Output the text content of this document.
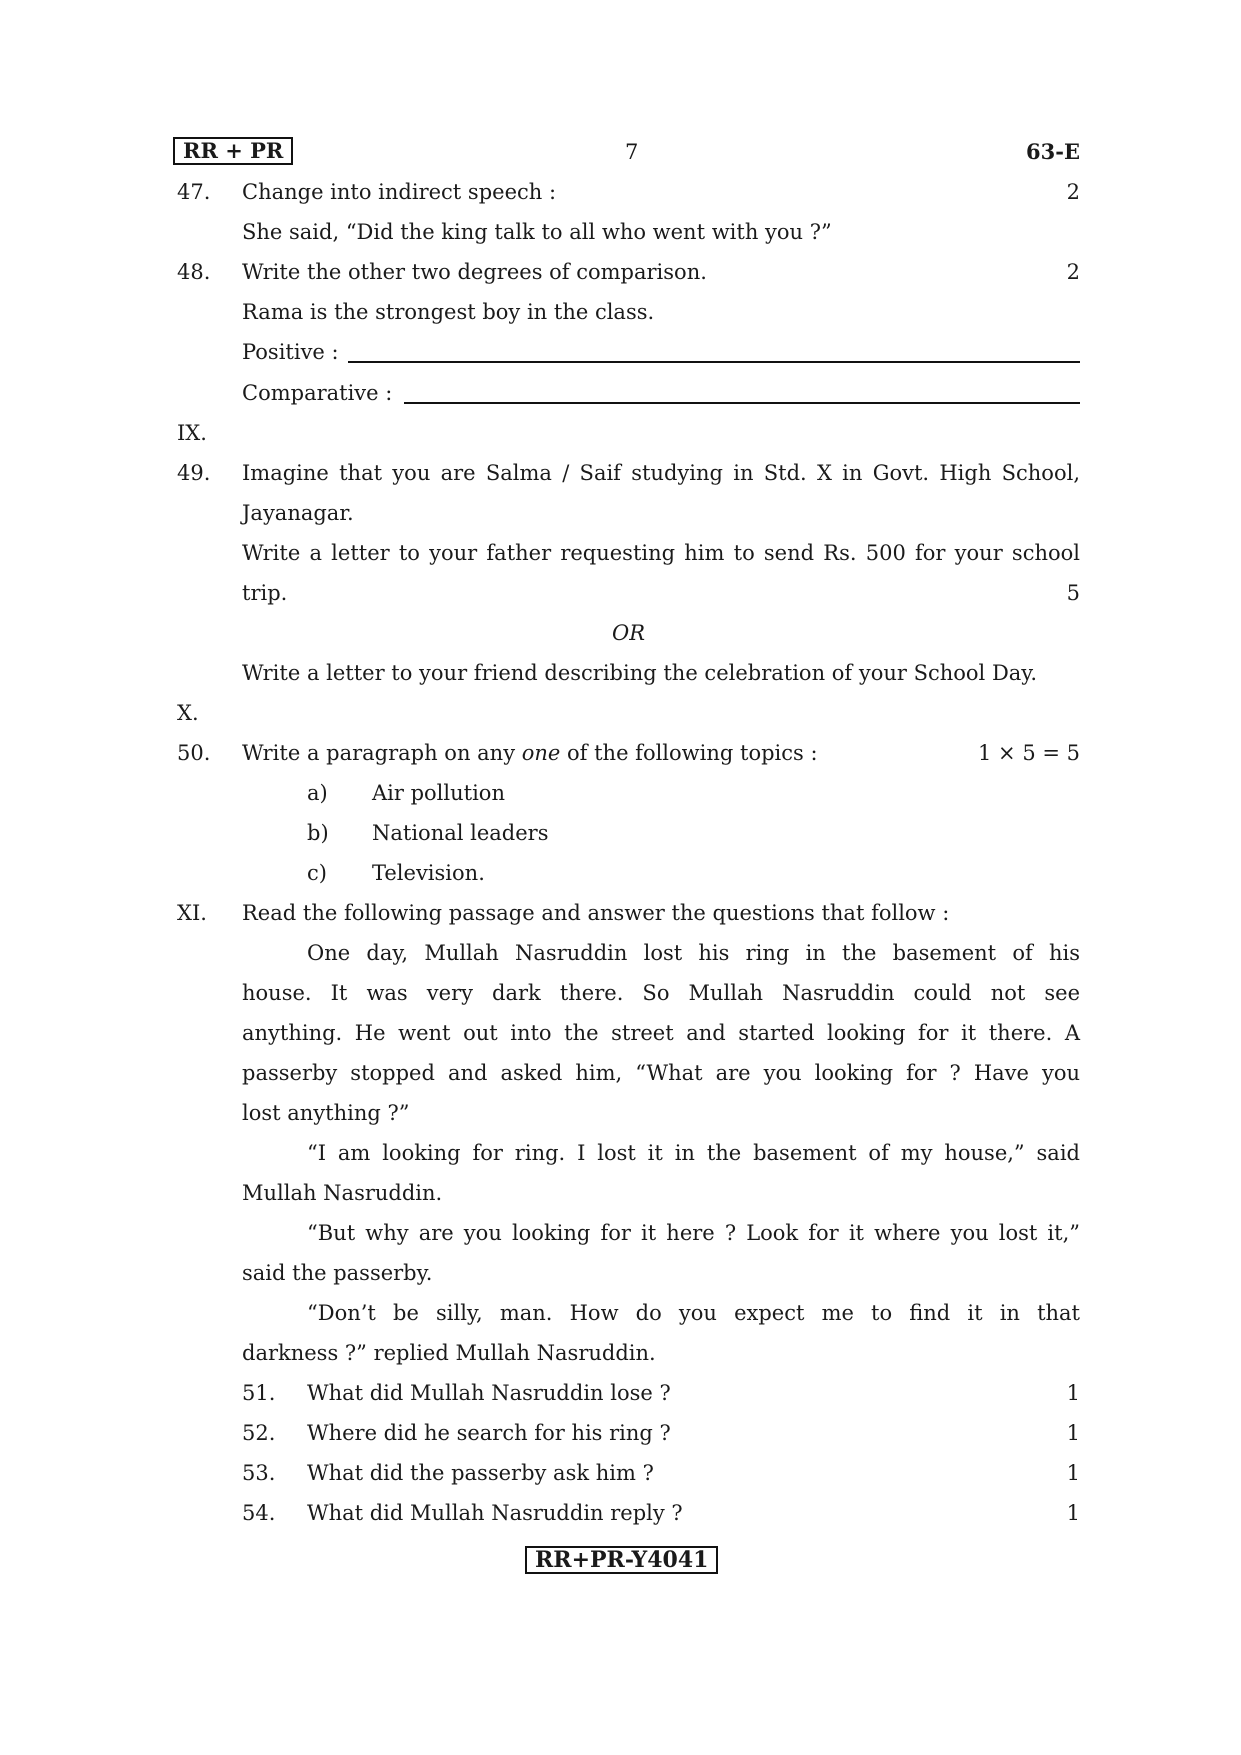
RR + PR	7	63-E
47. Change into indirect speech :	2
She said, “Did the king talk to all who went with you ?”
48. Write the other two degrees of comparison.	2
Rama is the strongest boy in the class.
Positive :
Comparative :
IX.
49. Imagine that you are Salma / Saif studying in Std. X in Govt. High School,
Jayanagar.
Write a letter to your father requesting him to send Rs. 500 for your school
trip.	5
OR
Write a letter to your friend describing the celebration of your School Day.
X.
50. Write a paragraph on any one of the following topics :	1 × 5 = 5
a) Air pollution
b) National leaders
c) Television.
XI. Read the following passage and answer the questions that follow :
One day, Mullah Nasruddin lost his ring in the basement of his
house. It was very dark there. So Mullah Nasruddin could not see
anything. He went out into the street and started looking for it there. A
passerby stopped and asked him, “What are you looking for ? Have you
lost anything ?”
“I am looking for ring. I lost it in the basement of my house,” said
Mullah Nasruddin.
“But why are you looking for it here ? Look for it where you lost it,”
said the passerby.
“Don’t be silly, man. How do you expect me to find it in that
darkness ?” replied Mullah Nasruddin.
51. What did Mullah Nasruddin lose ?	1
52. Where did he search for his ring ?	1
53. What did the passerby ask him ?	1
54. What did Mullah Nasruddin reply ?	1
RR+PR-Y4041
